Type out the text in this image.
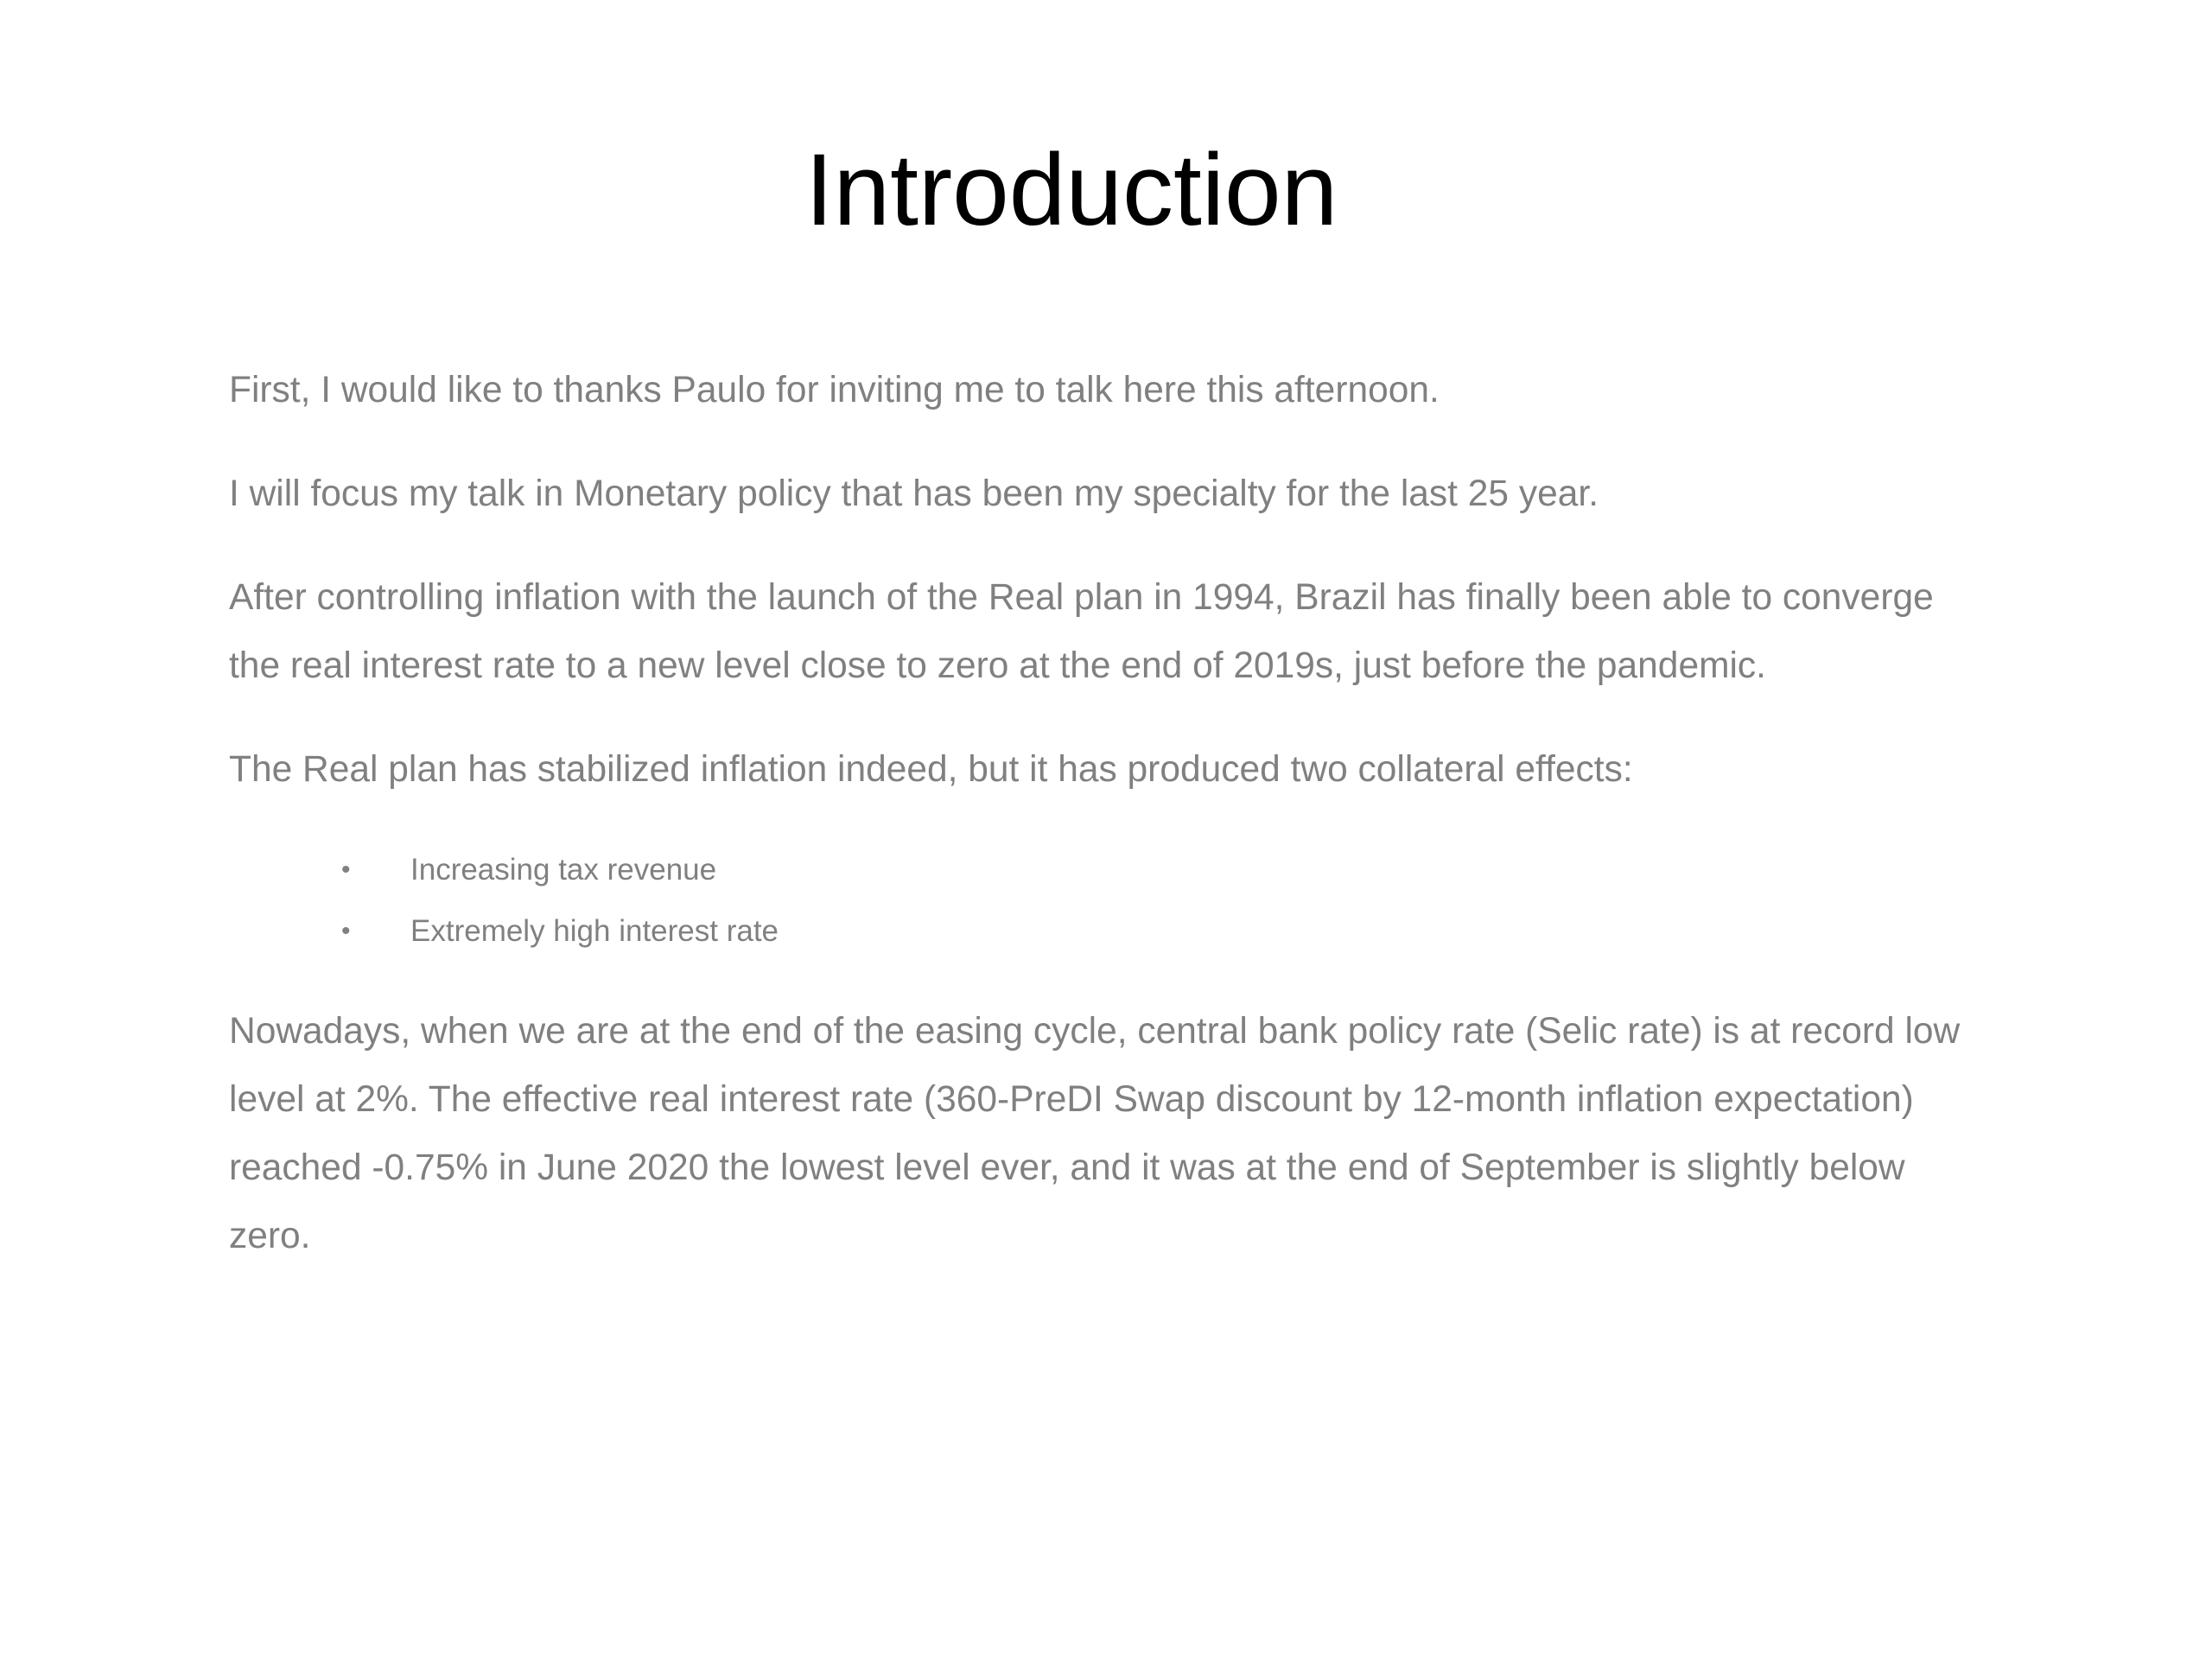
Introduction

First, I would like to thanks Paulo for inviting me to talk here this afternoon.

I will focus my talk in Monetary policy that has been my specialty for the last 25 year.

After controlling inflation with the launch of the Real plan in 1994, Brazil has finally been able to converge the real interest rate to a new level close to zero at the end of 2019s, just before the pandemic.

The Real plan has stabilized inflation indeed, but it has produced two collateral effects:

• Increasing tax revenue
• Extremely high interest rate

Nowadays, when we are at the end of the easing cycle, central bank policy rate (Selic rate) is at record low level at 2%. The effective real interest rate (360-PreDI Swap discount by 12-month inflation expectation) reached -0.75% in June 2020 the lowest level ever, and it was at the end of September is slightly below zero.
